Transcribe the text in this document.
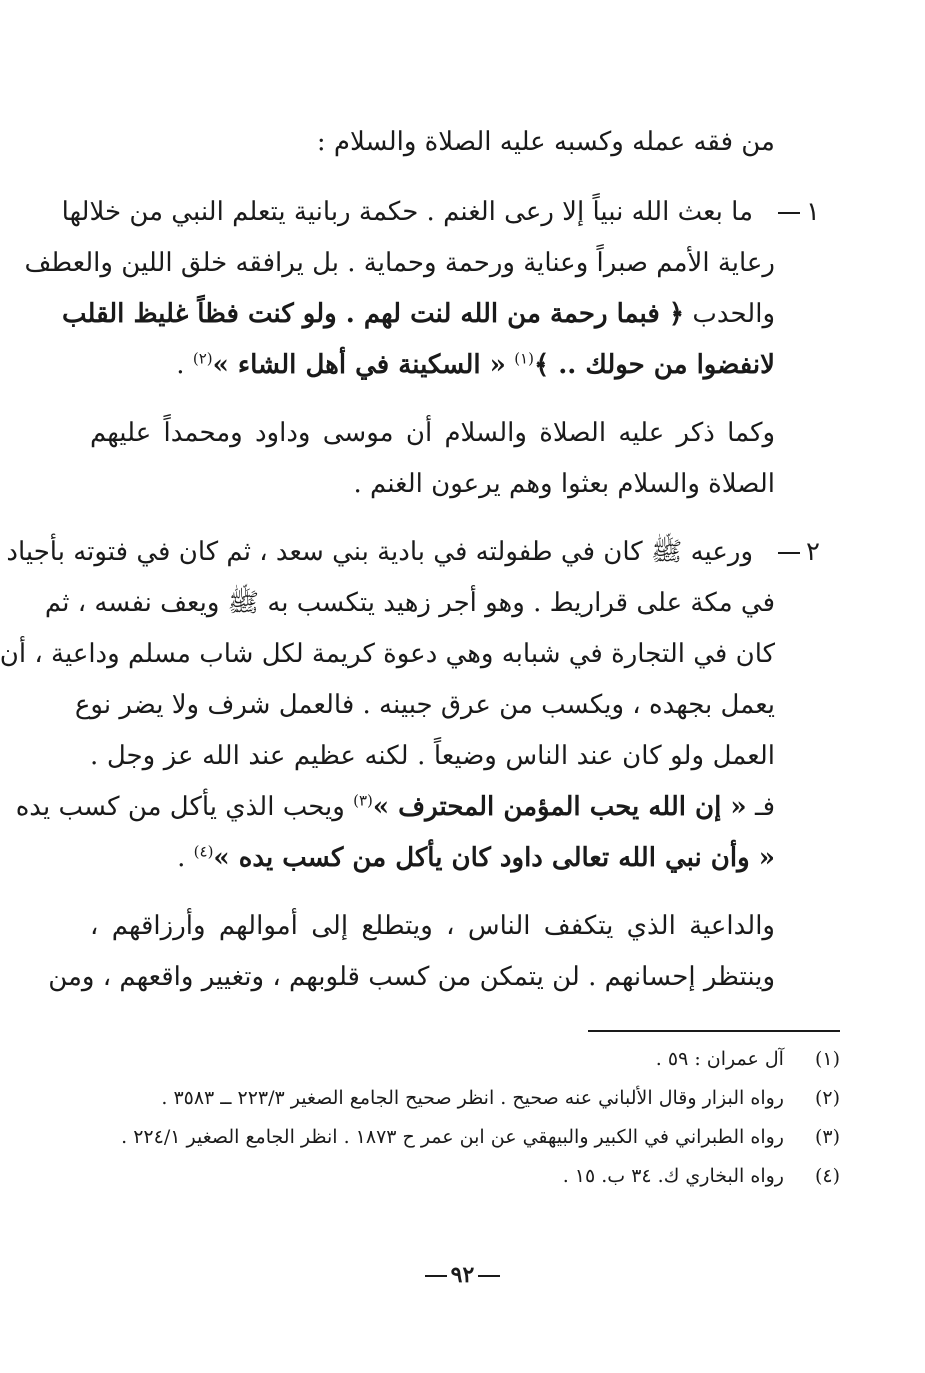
من فقه عمله وكسبه عليه الصلاة والسلام :
١
ما بعث الله نبياً إلا رعى الغنم . حكمة ربانية يتعلم النبي من خلالها
رعاية الأمم صبراً وعناية ورحمة وحماية . بل يرافقه خلق اللين والعطف
والحدب ﴿ فبما رحمة من الله لنت لهم . ولو كنت فظاً غليظ القلب
لانفضوا من حولك .. ﴾$^{(١)}$ « السكينة في أهل الشاء »$^{(٢)}$ .
وكما ذكر عليه الصلاة والسلام أن موسى وداود ومحمداً عليهم
الصلاة والسلام بعثوا وهم يرعون الغنم .
٢
ورعيه ﷺ كان في طفولته في بادية بني سعد ، ثم كان في فتوته بأجياد
في مكة على قراريط . وهو أجر زهيد يتكسب به ﷺ ويعف نفسه ، ثم
كان في التجارة في شبابه وهي دعوة كريمة لكل شاب مسلم وداعية ، أن
يعمل بجهده ، ويكسب من عرق جبينه . فالعمل شرف ولا يضر نوع
العمل ولو كان عند الناس وضيعاً . لكنه عظيم عند الله عز وجل .
فـ « إن الله يحب المؤمن المحترف »$^{(٣)}$ ويحب الذي يأكل من كسب يده
« وأن نبي الله تعالى داود كان يأكل من كسب يده »$^{(٤)}$ .
والداعية الذي يتكفف الناس ، ويتطلع إلى أموالهم وأرزاقهم ،
وينتظر إحسانهم . لن يتمكن من كسب قلوبهم ، وتغيير واقعهم ، ومن
(١) آل عمران : ٥٩ .
(٢) رواه البزار وقال الألباني عنه صحيح . انظر صحيح الجامع الصغير ٢٢٣/٣ ــ ٣٥٨٣ .
(٣) رواه الطبراني في الكبير والبيهقي عن ابن عمر ح ١٨٧٣ . انظر الجامع الصغير ٢٢٤/١ .
(٤) رواه البخاري ك. ٣٤ ب. ١٥ .
٩٢
